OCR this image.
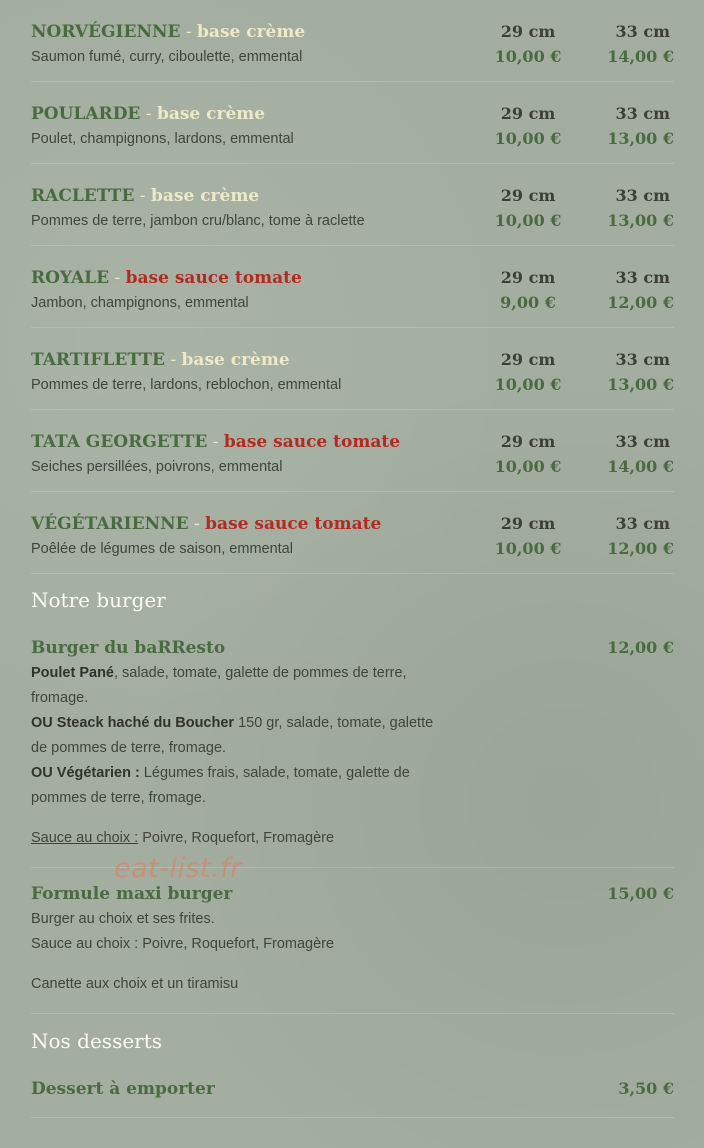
NORVÉGIENNE - base crème
Saumon fumé, curry, ciboulette, emmental
29 cm	33 cm
10,00 €	14,00 €
POULARDE - base crème
Poulet, champignons, lardons, emmental
29 cm	33 cm
10,00 €	13,00 €
RACLETTE - base crème
Pommes de terre, jambon cru/blanc, tome à raclette
29 cm	33 cm
10,00 €	13,00 €
ROYALE - base sauce tomate
Jambon, champignons, emmental
29 cm	33 cm
9,00 €	12,00 €
TARTIFLETTE - base crème
Pommes de terre, lardons, reblochon, emmental
29 cm	33 cm
10,00 €	13,00 €
TATA GEORGETTE - base sauce tomate
Seiches persillées, poivrons, emmental
29 cm	33 cm
10,00 €	14,00 €
VÉGÉTARIENNE - base sauce tomate
Poêlée de légumes de saison, emmental
29 cm	33 cm
10,00 €	12,00 €
Notre burger
Burger du baRResto	12,00 €
Poulet Pané, salade, tomate, galette de pommes de terre,
fromage.
OU Steack haché du Boucher 150 gr, salade, tomate, galette
de pommes de terre, fromage.
OU Végétarien : Légumes frais, salade, tomate, galette de
pommes de terre, fromage.
Sauce au choix : Poivre, Roquefort, Fromagère
Formule maxi burger	15,00 €
Burger au choix et ses frites.
Sauce au choix : Poivre, Roquefort, Fromagère
Canette aux choix et un tiramisu
Nos desserts
Dessert à emporter	3,50 €
eat-list.fr
